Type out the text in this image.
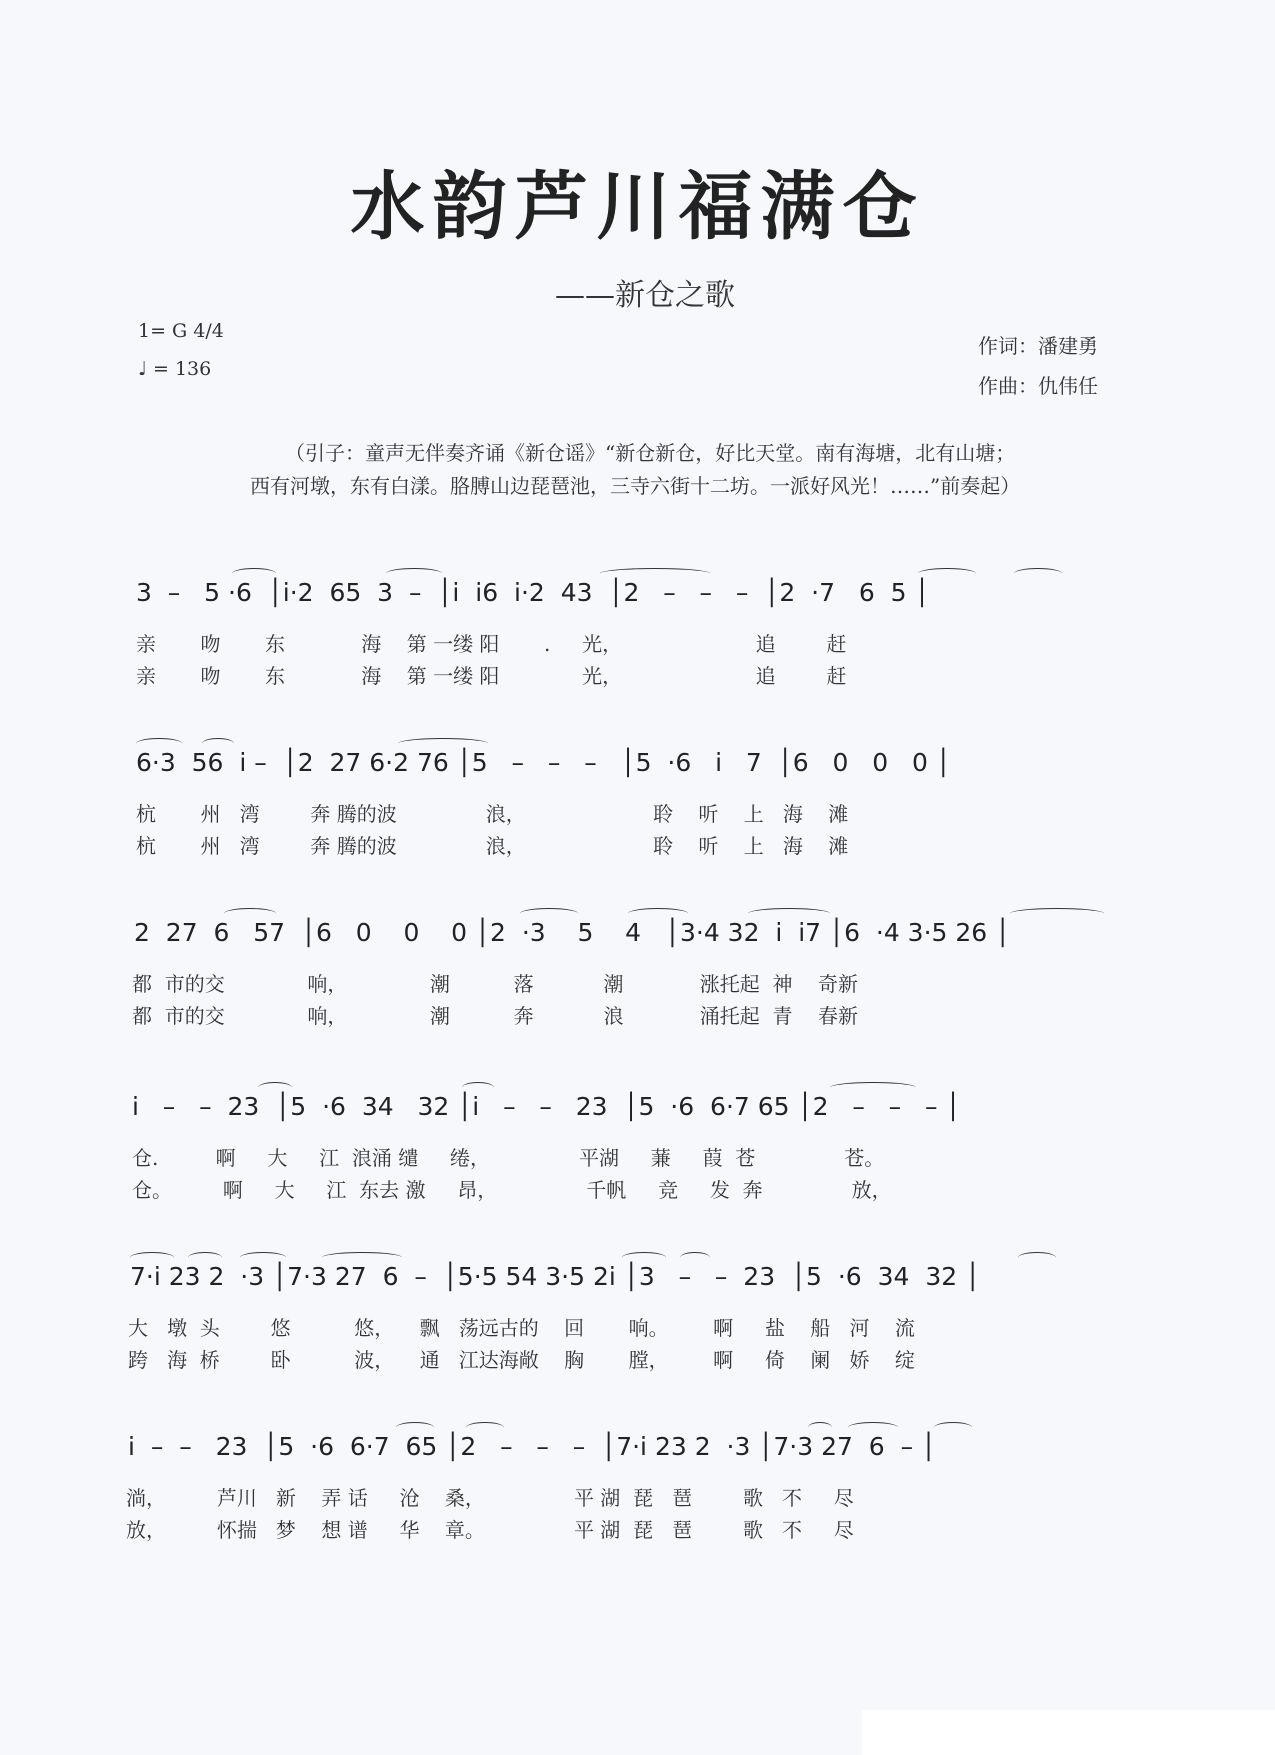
水韵芦川福满仓
——新仓之歌
1= G 4/4
♩ = 136
作词：潘建勇
作曲：仇伟任
（引子：童声无伴奏齐诵《新仓谣》“新仓新仓，好比天堂。南有海塘，北有山塘；西有河墩，东有白漾。胳膊山边琵琶池，三寺六街十二坊。一派好风光！……”前奏起）
3  –   5 ·6  │i·2  65  3  –  │i  i6  i·2  43  │2   –   –   –  │2  ·7   6  5 │
亲       吻       东            海    第 一缕 阳       .     光，                     追        赶
亲       吻       东            海    第 一缕 阳             光，                     追        赶
6·3  56  i –  │2  27 6·2 76 │5   –   –   –   │5  ·6   i   7  │6   0   0   0 │
杭       州   湾        奔 腾的波              浪，                    聆    听    上   海    滩
杭       州   湾        奔 腾的波              浪，                    聆    听    上   海    滩
2  27  6   57  │6   0    0    0 │2  ·3    5    4   │3·4 32  i  i7 │6  ·4 3·5 26 │
都  市的交             响，             潮          落           潮            涨托起  神    奇新
都  市的交             响，             潮          奔           浪            涌托起  青    春新
i   –   –  23  │5  ·6  34   32 │i   –   –   23  │5  ·6  6·7 65 │2   –   –   – │
仓.         啊     大     江  浪涌 缱     绻，              平湖     蒹     葭  苍              苍。
仓。        啊     大     江  东去 激     昂，              千帆     竞     发  奔              放，
7·i 23 2  ·3 │7·3 27  6  –  │5·5 54 3·5 2i │3   –   –  23  │5  ·6  34  32 │
大   墩  头        悠          悠，    飘   荡远古的    回       响。       啊     盐    船   河    流
跨   海  桥        卧          波，    通   江达海敞    胸       膛，       啊     倚    阑   娇    绽
i  –  –   23  │5  ·6  6·7  65 │2   –   –   –  │7·i 23 2  ·3 │7·3 27  6  – │
淌，        芦川   新    弄 话     沧    桑，              平 湖  琵   琶        歌   不     尽
放，        怀揣   梦    想 谱     华    章。              平 湖  琵   琶        歌   不     尽
